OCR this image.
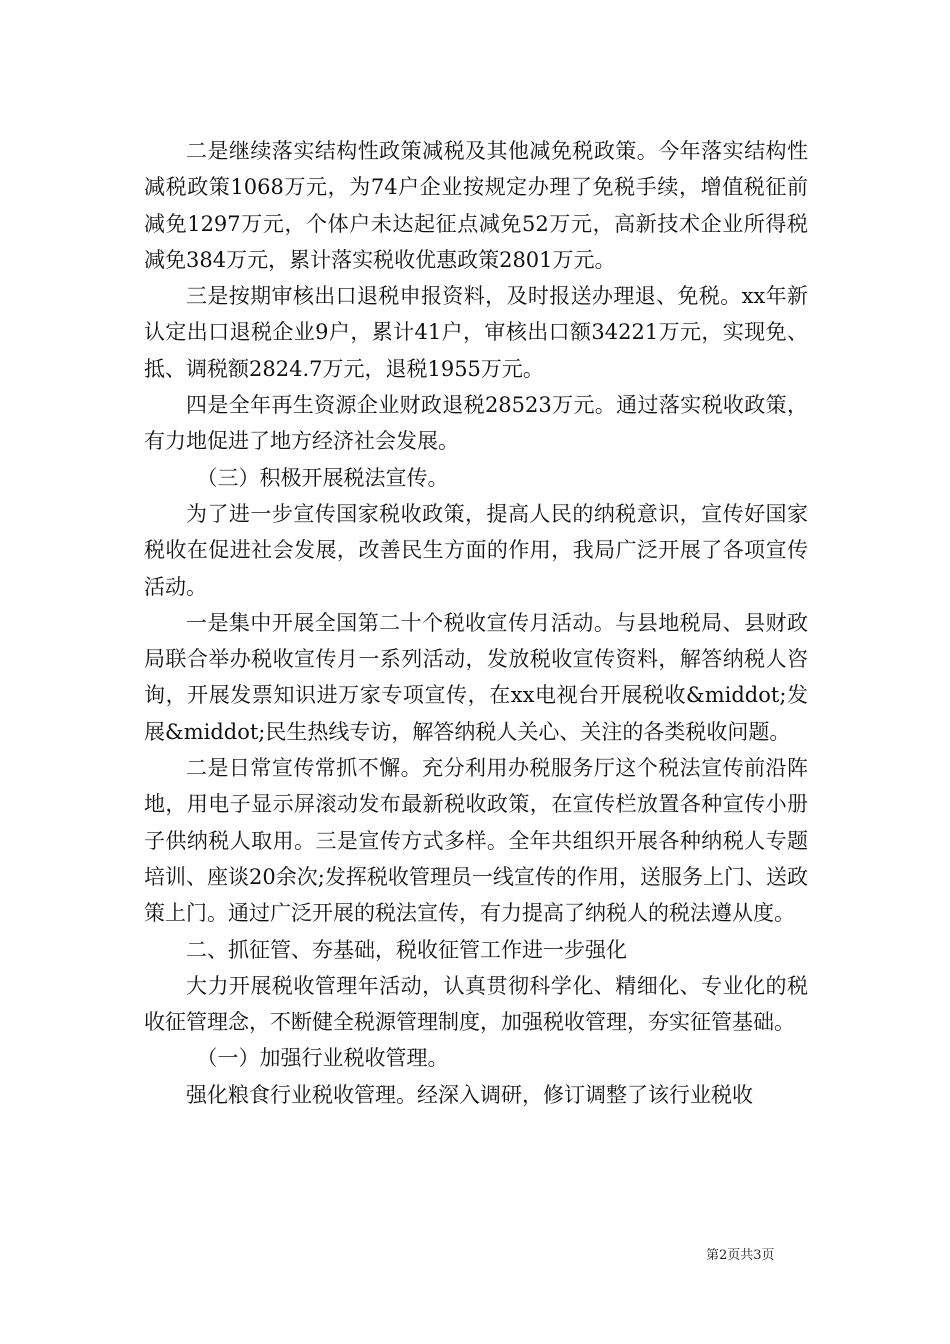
二是继续落实结构性政策减税及其他减免税政策。今年落实结构性减税政策1068万元，为74户企业按规定办理了免税手续，增值税征前减免1297万元，个体户未达起征点减免52万元，高新技术企业所得税减免384万元，累计落实税收优惠政策2801万元。

三是按期审核出口退税申报资料，及时报送办理退、免税。xx年新认定出口退税企业9户，累计41户，审核出口额34221万元，实现免、抵、调税额2824.7万元，退税1955万元。

四是全年再生资源企业财政退税28523万元。通过落实税收政策，有力地促进了地方经济社会发展。

（三）积极开展税法宣传。

为了进一步宣传国家税收政策，提高人民的纳税意识，宣传好国家税收在促进社会发展，改善民生方面的作用，我局广泛开展了各项宣传活动。

一是集中开展全国第二十个税收宣传月活动。与县地税局、县财政局联合举办税收宣传月一系列活动，发放税收宣传资料，解答纳税人咨询，开展发票知识进万家专项宣传，在xx电视台开展税收&middot;发展&middot;民生热线专访，解答纳税人关心、关注的各类税收问题。

二是日常宣传常抓不懈。充分利用办税服务厅这个税法宣传前沿阵地，用电子显示屏滚动发布最新税收政策，在宣传栏放置各种宣传小册子供纳税人取用。三是宣传方式多样。全年共组织开展各种纳税人专题培训、座谈20余次;发挥税收管理员一线宣传的作用，送服务上门、送政策上门。通过广泛开展的税法宣传，有力提高了纳税人的税法遵从度。

二、抓征管、夯基础，税收征管工作进一步强化

大力开展税收管理年活动，认真贯彻科学化、精细化、专业化的税收征管理念，不断健全税源管理制度，加强税收管理，夯实征管基础。

（一）加强行业税收管理。

强化粮食行业税收管理。经深入调研，修订调整了该行业税收

第2页共3页
